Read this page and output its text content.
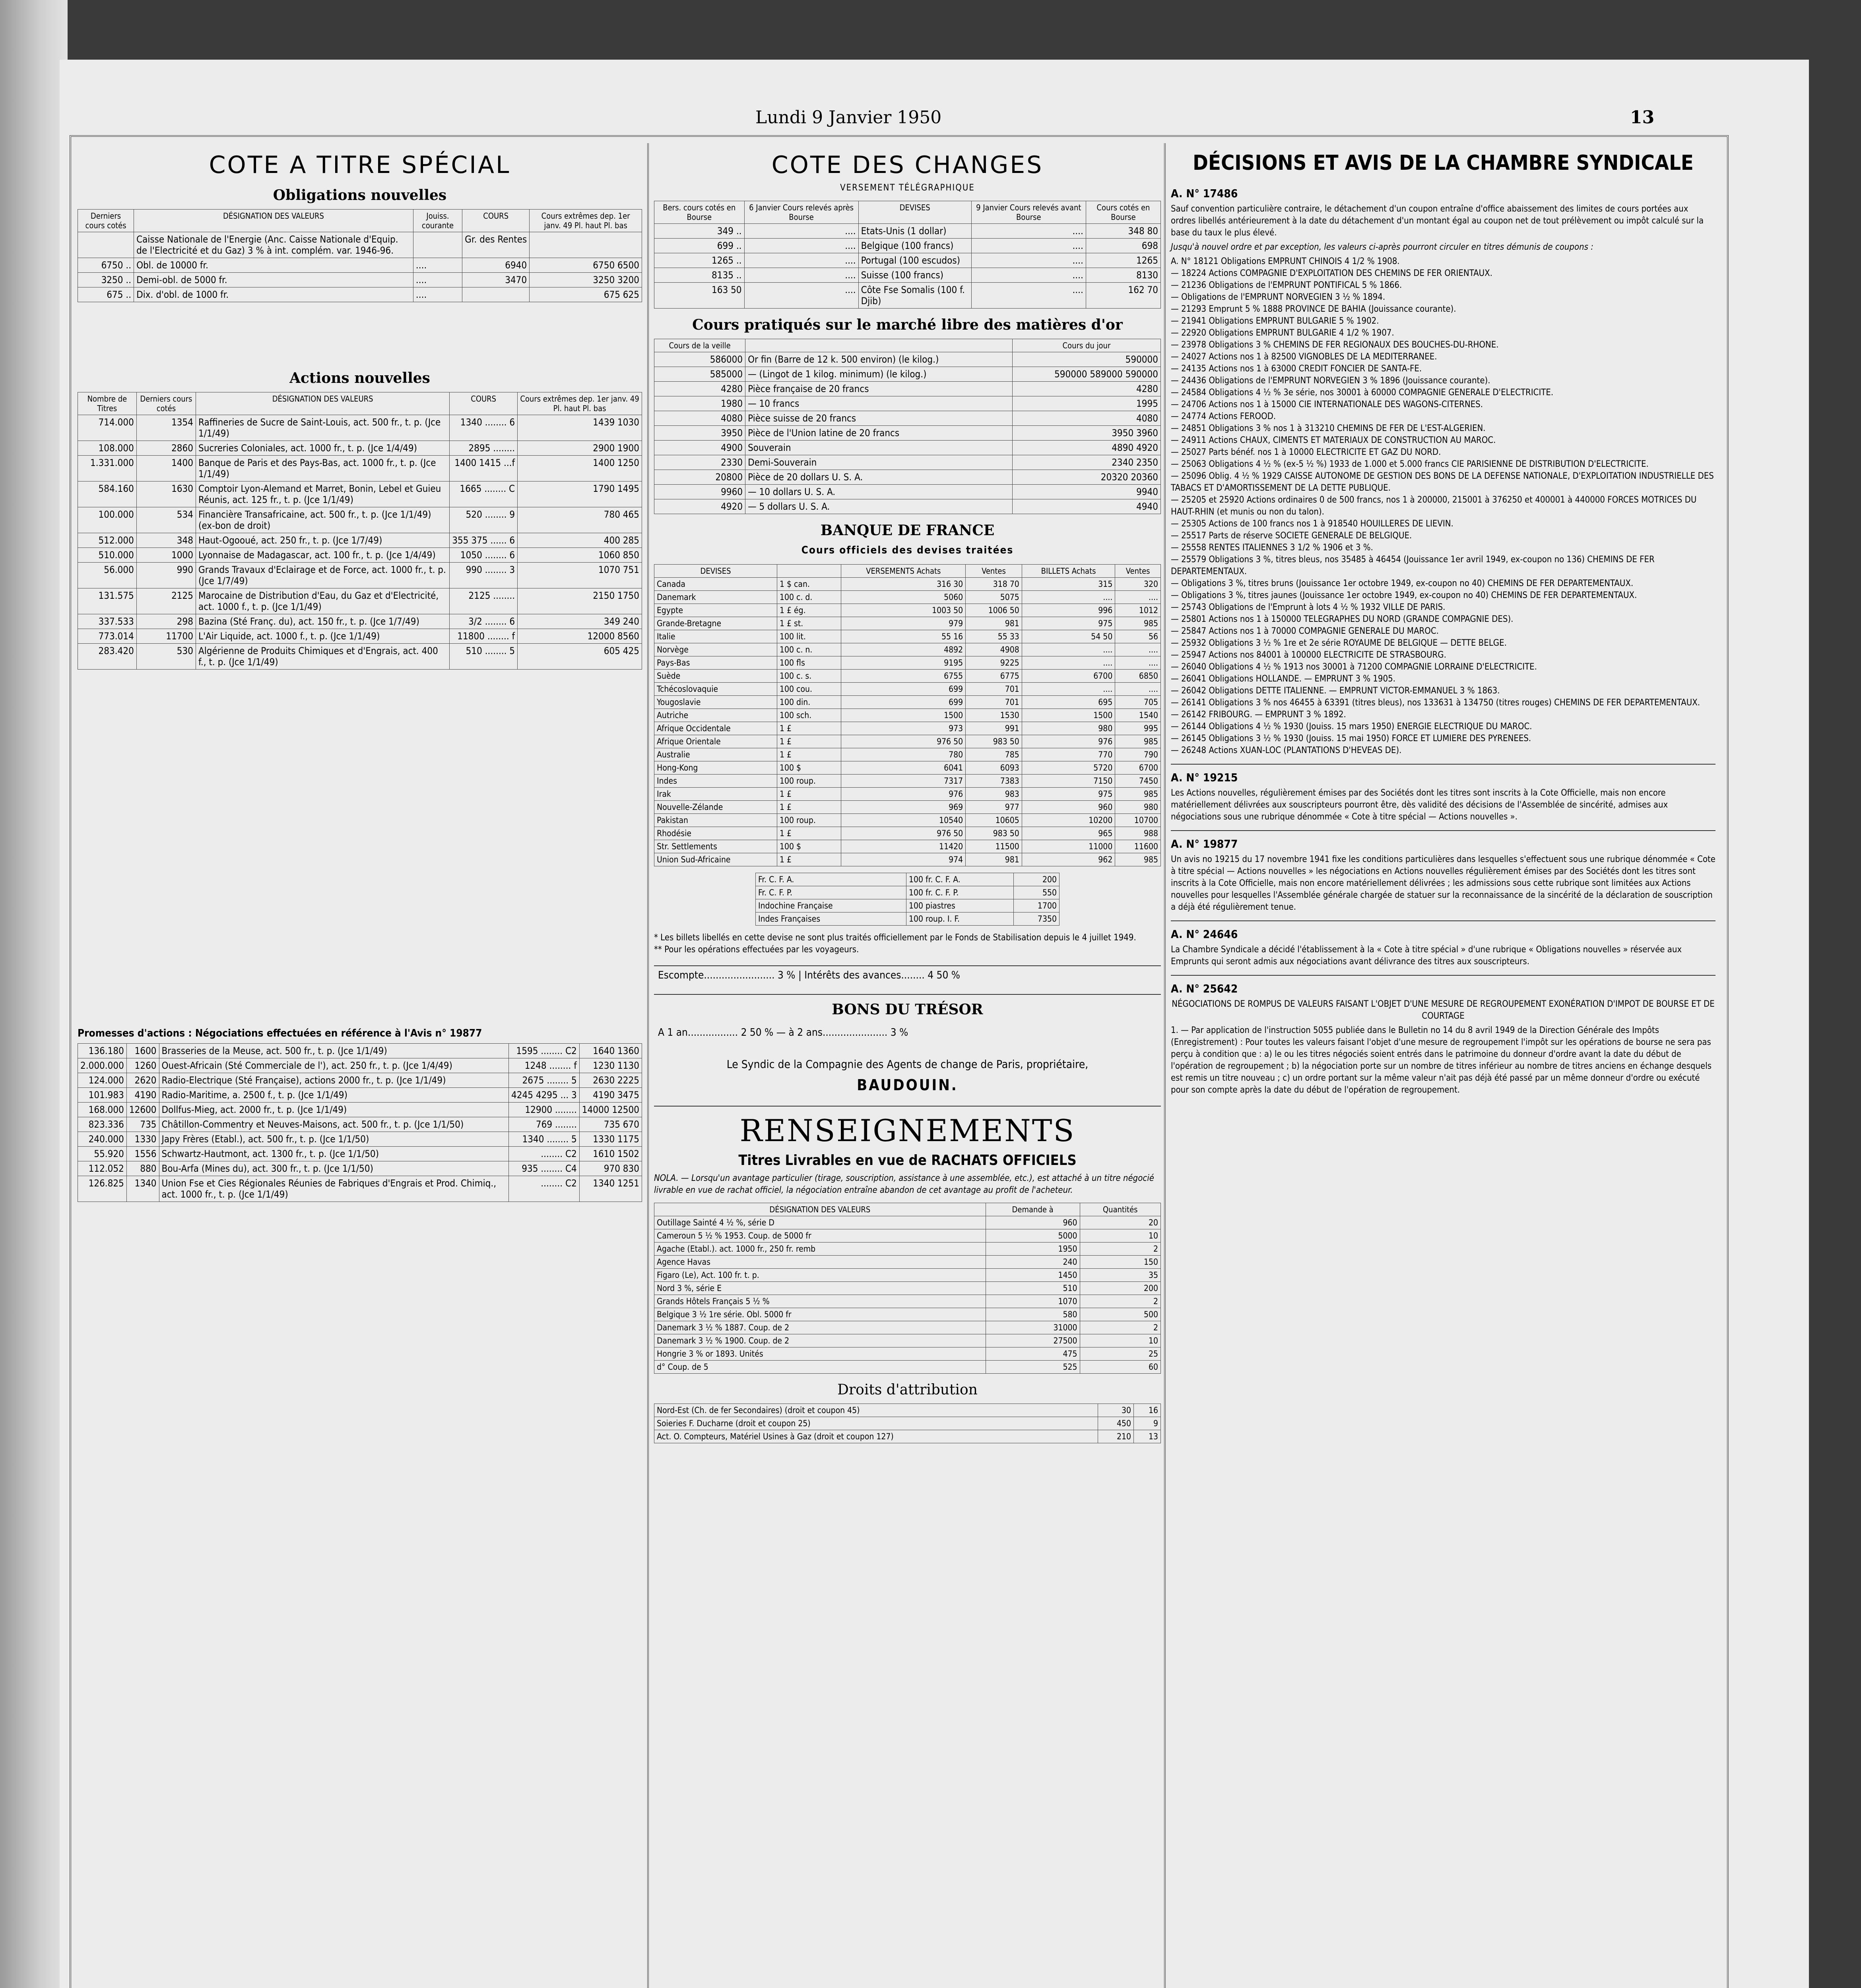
Lundi 9 Janvier 1950	13
COTE A TITRE SPÉCIAL
Obligations nouvelles
Derniers cours cotés	DÉSIGNATION DES VALEURS	Jouiss. courante	COURS	Cours extrêmes dep. 1er janv. 49 Pl. haut Pl. bas
	Caisse Nationale de l'Energie (Anc. Caisse Nationale d'Equip. de l'Electricité et du Gaz) 3 % à int. complém. var. 1946-96.		Gr. des Rentes	
6750 ..	Obl. de 10000 fr.	....	6940	6750 6500
3250 ..	Demi-obl. de 5000 fr.	....	3470	3250 3200
675 ..	Dix. d'obl. de 1000 fr.	....		675 625
Actions nouvelles
Nombre de Titres	Derniers cours cotés	DÉSIGNATION DES VALEURS	COURS	Cours extrêmes dep. 1er janv. 49 Pl. haut Pl. bas
714.000	1354	Raffineries de Sucre de Saint-Louis, act. 500 fr., t. p. (Jce 1/1/49)	1340 ........ 6	1439 1030
108.000	2860	Sucreries Coloniales, act. 1000 fr., t. p. (Jce 1/4/49)	2895 ........	2900 1900
1.331.000	1400	Banque de Paris et des Pays-Bas, act. 1000 fr., t. p. (Jce 1/1/49)	1400 1415 ...f	1400 1250
584.160	1630	Comptoir Lyon-Alemand et Marret, Bonin, Lebel et Guieu Réunis, act. 125 fr., t. p. (Jce 1/1/49)	1665 ........ C	1790 1495
100.000	534	Financière Transafricaine, act. 500 fr., t. p. (Jce 1/1/49) (ex-bon de droit)	520 ........ 9	780 465
512.000	348	Haut-Ogooué, act. 250 fr., t. p. (Jce 1/7/49)	355 375 ...... 6	400 285
510.000	1000	Lyonnaise de Madagascar, act. 100 fr., t. p. (Jce 1/4/49)	1050 ........ 6	1060 850
56.000	990	Grands Travaux d'Eclairage et de Force, act. 1000 fr., t. p. (Jce 1/7/49)	990 ........ 3	1070 751
131.575	2125	Marocaine de Distribution d'Eau, du Gaz et d'Electricité, act. 1000 f., t. p. (Jce 1/1/49)	2125 ........	2150 1750
337.533	298	Bazina (Sté Franç. du), act. 150 fr., t. p. (Jce 1/7/49)	3/2 ........ 6	349 240
773.014	11700	L'Air Liquide, act. 1000 f., t. p. (Jce 1/1/49)	11800 ........ f	12000 8560
283.420	530	Algérienne de Produits Chimiques et d'Engrais, act. 400 f., t. p. (Jce 1/1/49)	510 ........ 5	605 425
Promesses d'actions : Négociations effectuées en référence à l'Avis n° 19877
136.180	1600	Brasseries de la Meuse, act. 500 fr., t. p. (Jce 1/1/49)	1595 ........ C2	1640 1360
2.000.000	1260	Ouest-Africain (Sté Commerciale de l'), act. 250 fr., t. p. (Jce 1/4/49)	1248 ........ f	1230 1130
124.000	2620	Radio-Electrique (Sté Française), actions 2000 fr., t. p. (Jce 1/1/49)	2675 ........ 5	2630 2225
101.983	4190	Radio-Maritime, a. 2500 f., t. p. (Jce 1/1/49)	4245 4295 ... 3	4190 3475
168.000	12600	Dollfus-Mieg, act. 2000 fr., t. p. (Jce 1/1/49)	12900 ........	14000 12500
823.336	735	Châtillon-Commentry et Neuves-Maisons, act. 500 fr., t. p. (Jce 1/1/50)	769 ........	735 670
240.000	1330	Japy Frères (Etabl.), act. 500 fr., t. p. (Jce 1/1/50)	1340 ........ 5	1330 1175
55.920	1556	Schwartz-Hautmont, act. 1300 fr., t. p. (Jce 1/1/50)	........ C2	1610 1502
112.052	880	Bou-Arfa (Mines du), act. 300 fr., t. p. (Jce 1/1/50)	935 ........ C4	970 830
126.825	1340	Union Fse et Cies Régionales Réunies de Fabriques d'Engrais et Prod. Chimiq., act. 1000 fr., t. p. (Jce 1/1/49)	........ C2	1340 1251
COTE DES CHANGES
VERSEMENT TÉLÉGRAPHIQUE
Bers. cours cotés en Bourse	6 Janvier Cours relevés après Bourse	DEVISES	9 Janvier Cours relevés avant Bourse	Cours cotés en Bourse
349 ..	....	Etats-Unis (1 dollar)	....	348 80
699 ..	....	Belgique (100 francs)	....	698
1265 ..	....	Portugal (100 escudos)	....	1265
8135 ..	....	Suisse (100 francs)	....	8130
163 50	....	Côte Fse Somalis (100 f. Djib)	....	162 70
Cours pratiqués sur le marché libre des matières d'or
Cours de la veille		Cours du jour
586000	Or fin (Barre de 12 k. 500 environ) (le kilog.)	590000
585000	— (Lingot de 1 kilog. minimum) (le kilog.)	590000 589000 590000
4280	Pièce française de 20 francs	4280
1980	— 10 francs	1995
4080	Pièce suisse de 20 francs	4080
3950	Pièce de l'Union latine de 20 francs	3950 3960
4900	Souverain	4890 4920
2330	Demi-Souverain	2340 2350
20800	Pièce de 20 dollars U. S. A.	20320 20360
9960	— 10 dollars U. S. A.	9940
4920	— 5 dollars U. S. A.	4940
BANQUE DE FRANCE
Cours officiels des devises traitées
DEVISES		VERSEMENTS Achats	Ventes	BILLETS Achats	Ventes
Canada	1 $ can.	316 30	318 70	315	320
Danemark	100 c. d.	5060	5075	....	....
Egypte	1 £ ég.	1003 50	1006 50	996	1012
Grande-Bretagne	1 £ st.	979	981	975	985
Italie	100 lit.	55 16	55 33	54 50	56
Norvège	100 c. n.	4892	4908	....	....
Pays-Bas	100 fls	9195	9225	....	....
Suède	100 c. s.	6755	6775	6700	6850
Tchécoslovaquie	100 cou.	699	701	....	....
Yougoslavie	100 din.	699	701	695	705
Autriche	100 sch.	1500	1530	1500	1540
Afrique Occidentale	1 £	973	991	980	995
Afrique Orientale	1 £	976 50	983 50	976	985
Australie	1 £	780	785	770	790
Hong-Kong	100 $	6041	6093	5720	6700
Indes	100 roup.	7317	7383	7150	7450
Irak	1 £	976	983	975	985
Nouvelle-Zélande	1 £	969	977	960	980
Pakistan	100 roup.	10540	10605	10200	10700
Rhodésie	1 £	976 50	983 50	965	988
Str. Settlements	100 $	11420	11500	11000	11600
Union Sud-Africaine	1 £	974	981	962	985
Fr. C. F. A.	100 fr. C. F. A.	200
Fr. C. F. P.	100 fr. C. F. P.	550
Indochine Française	100 piastres	1700
Indes Françaises	100 roup. I. F.	7350
* Les billets libellés en cette devise ne sont plus traités officiellement par le Fonds de Stabilisation depuis le 4 juillet 1949.
** Pour les opérations effectuées par les voyageurs.
Escompte........................ 3 % | Intérêts des avances........ 4 50 %
BONS DU TRÉSOR
A 1 an................. 2 50 % — à 2 ans...................... 3 %
Le Syndic de la Compagnie des Agents de change de Paris, propriétaire,
BAUDOUIN.
RENSEIGNEMENTS
Titres Livrables en vue de RACHATS OFFICIELS
NOLA. — Lorsqu'un avantage particulier (tirage, souscription, assistance à une assemblée, etc.), est attaché à un titre négocié livrable en vue de rachat officiel, la négociation entraîne abandon de cet avantage au profit de l'acheteur.
DÉSIGNATION DES VALEURS	Demande à	Quantités
Outillage Sainté 4 ½ %, série D	960	20
Cameroun 5 ½ % 1953. Coup. de 5000 fr	5000	10
Agache (Etabl.). act. 1000 fr., 250 fr. remb	1950	2
Agence Havas	240	150
Figaro (Le), Act. 100 fr. t. p.	1450	35
Nord 3 %, série E	510	200
Grands Hôtels Français 5 ½ %	1070	2
Belgique 3 ½ 1re série. Obl. 5000 fr	580	500
Danemark 3 ½ % 1887. Coup. de 2	31000	2
Danemark 3 ½ % 1900. Coup. de 2	27500	10
Hongrie 3 % or 1893. Unités	475	25
d° Coup. de 5	525	60
Droits d'attribution
Nord-Est (Ch. de fer Secondaires) (droit et coupon 45)	30	16
Soieries F. Ducharne (droit et coupon 25)	450	9
Act. O. Compteurs, Matériel Usines à Gaz (droit et coupon 127)	210	13
DÉCISIONS ET AVIS DE LA CHAMBRE SYNDICALE
A. N° 17486
Sauf convention particulière contraire, le détachement d'un coupon entraîne d'office abaissement des limites de cours portées aux ordres libellés antérieurement à la date du détachement d'un montant égal au coupon net de tout prélèvement ou impôt calculé sur la base du taux le plus élevé.
Jusqu'à nouvel ordre et par exception, les valeurs ci-après pourront circuler en titres démunis de coupons :
A. N° 18121 Obligations EMPRUNT CHINOIS 4 1/2 % 1908.
— 18224 Actions COMPAGNIE D'EXPLOITATION DES CHEMINS DE FER ORIENTAUX.
— 21236 Obligations de l'EMPRUNT PONTIFICAL 5 % 1866.
— Obligations de l'EMPRUNT NORVEGIEN 3 ½ % 1894.
— 21293 Emprunt 5 % 1888 PROVINCE DE BAHIA (Jouissance courante).
— 21941 Obligations EMPRUNT BULGARIE 5 % 1902.
— 22920 Obligations EMPRUNT BULGARIE 4 1/2 % 1907.
— 23978 Obligations 3 % CHEMINS DE FER REGIONAUX DES BOUCHES-DU-RHONE.
— 24027 Actions nos 1 à 82500 VIGNOBLES DE LA MEDITERRANEE.
— 24135 Actions nos 1 à 63000 CREDIT FONCIER DE SANTA-FE.
— 24436 Obligations de l'EMPRUNT NORVEGIEN 3 % 1896 (Jouissance courante).
— 24584 Obligations 4 ½ % 3e série, nos 30001 à 60000 COMPAGNIE GENERALE D'ELECTRICITE.
— 24706 Actions nos 1 à 15000 CIE INTERNATIONALE DES WAGONS-CITERNES.
— 24774 Actions FEROOD.
— 24851 Obligations 3 % nos 1 à 313210 CHEMINS DE FER DE L'EST-ALGERIEN.
— 24911 Actions CHAUX, CIMENTS ET MATERIAUX DE CONSTRUCTION AU MAROC.
— 25027 Parts bénéf. nos 1 à 10000 ELECTRICITE ET GAZ DU NORD.
— 25063 Obligations 4 ½ % (ex-5 ½ %) 1933 de 1.000 et 5.000 francs CIE PARISIENNE DE DISTRIBUTION D'ELECTRICITE.
— 25096 Oblig. 4 ½ % 1929 CAISSE AUTONOME DE GESTION DES BONS DE LA DEFENSE NATIONALE, D'EXPLOITATION INDUSTRIELLE DES TABACS ET D'AMORTISSEMENT DE LA DETTE PUBLIQUE.
— 25205 et 25920 Actions ordinaires 0 de 500 francs, nos 1 à 200000, 215001 à 376250 et 400001 à 440000 FORCES MOTRICES DU HAUT-RHIN (et munis ou non du talon).
— 25305 Actions de 100 francs nos 1 à 918540 HOUILLERES DE LIEVIN.
— 25517 Parts de réserve SOCIETE GENERALE DE BELGIQUE.
— 25558 RENTES ITALIENNES 3 1/2 % 1906 et 3 %.
— 25579 Obligations 3 %, titres bleus, nos 35485 à 46454 (Jouissance 1er avril 1949, ex-coupon no 136) CHEMINS DE FER DEPARTEMENTAUX.
— Obligations 3 %, titres bruns (Jouissance 1er octobre 1949, ex-coupon no 40) CHEMINS DE FER DEPARTEMENTAUX.
— Obligations 3 %, titres jaunes (Jouissance 1er octobre 1949, ex-coupon no 40) CHEMINS DE FER DEPARTEMENTAUX.
— 25743 Obligations de l'Emprunt à lots 4 ½ % 1932 VILLE DE PARIS.
— 25801 Actions nos 1 à 150000 TELEGRAPHES DU NORD (GRANDE COMPAGNIE DES).
— 25847 Actions nos 1 à 70000 COMPAGNIE GENERALE DU MAROC.
— 25932 Obligations 3 ½ % 1re et 2e série ROYAUME DE BELGIQUE — DETTE BELGE.
— 25947 Actions nos 84001 à 100000 ELECTRICITE DE STRASBOURG.
— 26040 Obligations 4 ½ % 1913 nos 30001 à 71200 COMPAGNIE LORRAINE D'ELECTRICITE.
— 26041 Obligations HOLLANDE. — EMPRUNT 3 % 1905.
— 26042 Obligations DETTE ITALIENNE. — EMPRUNT VICTOR-EMMANUEL 3 % 1863.
— 26141 Obligations 3 % nos 46455 à 63391 (titres bleus), nos 133631 à 134750 (titres rouges) CHEMINS DE FER DEPARTEMENTAUX.
— 26142 FRIBOURG. — EMPRUNT 3 % 1892.
— 26144 Obligations 4 ½ % 1930 (Jouiss. 15 mars 1950) ENERGIE ELECTRIQUE DU MAROC.
— 26145 Obligations 3 ½ % 1930 (Jouiss. 15 mai 1950) FORCE ET LUMIERE DES PYRENEES.
— 26248 Actions XUAN-LOC (PLANTATIONS D'HEVEAS DE).
A. N° 19215
Les Actions nouvelles, régulièrement émises par des Sociétés dont les titres sont inscrits à la Cote Officielle, mais non encore matériellement délivrées aux souscripteurs pourront être, dès validité des décisions de l'Assemblée de sincérité, admises aux négociations sous une rubrique dénommée « Cote à titre spécial — Actions nouvelles ».
A. N° 19877
Un avis no 19215 du 17 novembre 1941 fixe les conditions particulières dans lesquelles s'effectuent sous une rubrique dénommée « Cote à titre spécial — Actions nouvelles » les négociations en Actions nouvelles régulièrement émises par des Sociétés dont les titres sont inscrits à la Cote Officielle, mais non encore matériellement délivrées ; les admissions sous cette rubrique sont limitées aux Actions nouvelles pour lesquelles l'Assemblée générale chargée de statuer sur la reconnaissance de la sincérité de la déclaration de souscription a déjà été régulièrement tenue.
A. N° 24646
La Chambre Syndicale a décidé l'établissement à la « Cote à titre spécial » d'une rubrique « Obligations nouvelles » réservée aux Emprunts qui seront admis aux négociations avant délivrance des titres aux souscripteurs.
A. N° 25642
NÉGOCIATIONS DE ROMPUS DE VALEURS FAISANT L'OBJET D'UNE MESURE DE REGROUPEMENT EXONÉRATION D'IMPOT DE BOURSE ET DE COURTAGE
1. — Par application de l'instruction 5055 publiée dans le Bulletin no 14 du 8 avril 1949 de la Direction Générale des Impôts (Enregistrement) : Pour toutes les valeurs faisant l'objet d'une mesure de regroupement l'impôt sur les opérations de bourse ne sera pas perçu à condition que : a) le ou les titres négociés soient entrés dans le patrimoine du donneur d'ordre avant la date du début de l'opération de regroupement ; b) la négociation porte sur un nombre de titres inférieur au nombre de titres anciens en échange desquels est remis un titre nouveau ; c) un ordre portant sur la même valeur n'ait pas déjà été passé par un même donneur d'ordre ou exécuté pour son compte après la date du début de l'opération de regroupement.
